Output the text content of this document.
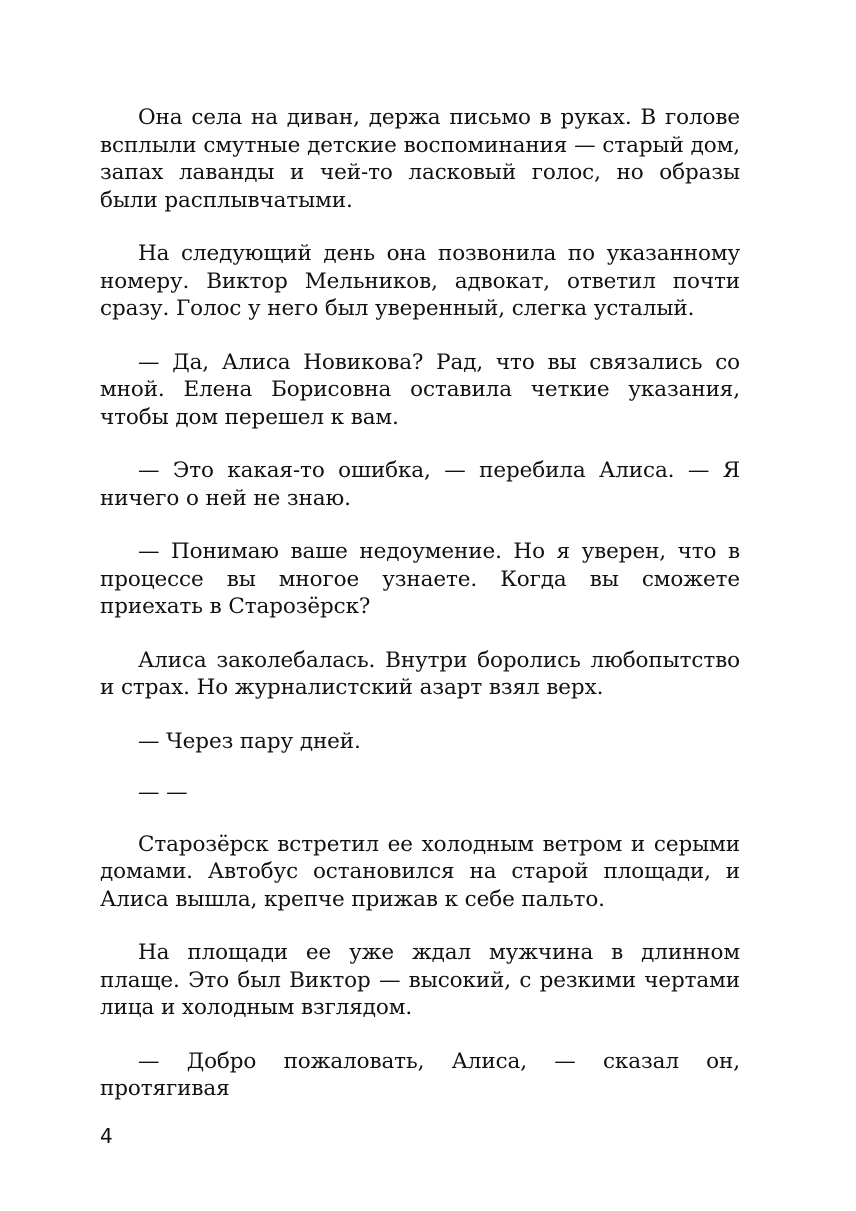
Она села на диван, держа письмо в руках. В голове всплыли смутные детские воспоминания — старый дом, запах лаванды и чей-то ласковый голос, но образы были расплывчатыми.

На следующий день она позвонила по указанному номеру. Виктор Мельников, адвокат, ответил почти сразу. Голос у него был уверенный, слегка усталый.

— Да, Алиса Новикова? Рад, что вы связались со мной. Елена Борисовна оставила четкие указания, чтобы дом перешел к вам.

— Это какая-то ошибка, — перебила Алиса. — Я ничего о ней не знаю.

— Понимаю ваше недоумение. Но я уверен, что в процессе вы многое узнаете. Когда вы сможете приехать в Старозёрск?

Алиса заколебалась. Внутри боролись любопытство и страх. Но журналистский азарт взял верх.

— Через пару дней.

— —

Старозёрск встретил ее холодным ветром и серыми домами. Автобус остановился на старой площади, и Алиса вышла, крепче прижав к себе пальто.

На площади ее уже ждал мужчина в длинном плаще. Это был Виктор — высокий, с резкими чертами лица и холодным взглядом.

— Добро пожаловать, Алиса, — сказал он, протягивая

4
